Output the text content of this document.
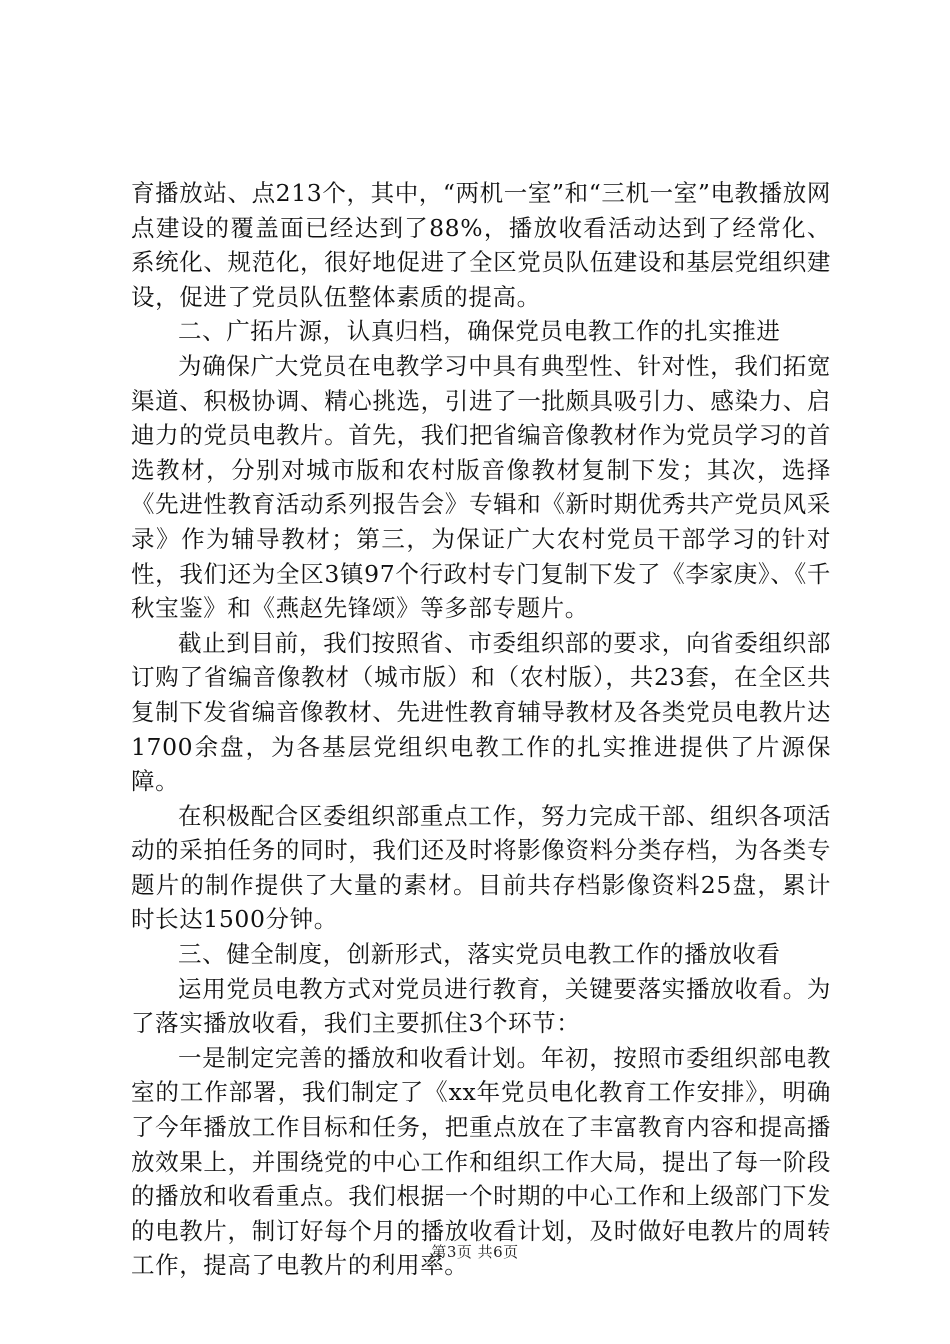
育播放站、点213个，其中，“两机一室”和“三机一室”电教播放网点建设的覆盖面已经达到了88%，播放收看活动达到了经常化、系统化、规范化，很好地促进了全区党员队伍建设和基层党组织建设，促进了党员队伍整体素质的提高。

二、广拓片源，认真归档，确保党员电教工作的扎实推进

为确保广大党员在电教学习中具有典型性、针对性，我们拓宽渠道、积极协调、精心挑选，引进了一批颇具吸引力、感染力、启迪力的党员电教片。首先，我们把省编音像教材作为党员学习的首选教材，分别对城市版和农村版音像教材复制下发；其次，选择《先进性教育活动系列报告会》专辑和《新时期优秀共产党员风采录》作为辅导教材；第三，为保证广大农村党员干部学习的针对性，我们还为全区3镇97个行政村专门复制下发了《李家庚》、《千秋宝鉴》和《燕赵先锋颂》等多部专题片。

截止到目前，我们按照省、市委组织部的要求，向省委组织部订购了省编音像教材（城市版）和（农村版），共23套，在全区共复制下发省编音像教材、先进性教育辅导教材及各类党员电教片达1700余盘，为各基层党组织电教工作的扎实推进提供了片源保障。

在积极配合区委组织部重点工作，努力完成干部、组织各项活动的采拍任务的同时，我们还及时将影像资料分类存档，为各类专题片的制作提供了大量的素材。目前共存档影像资料25盘，累计时长达1500分钟。

三、健全制度，创新形式，落实党员电教工作的播放收看

运用党员电教方式对党员进行教育，关键要落实播放收看。为了落实播放收看，我们主要抓住3个环节：

一是制定完善的播放和收看计划。年初，按照市委组织部电教室的工作部署，我们制定了《xx年党员电化教育工作安排》，明确了今年播放工作目标和任务，把重点放在了丰富教育内容和提高播放效果上，并围绕党的中心工作和组织工作大局，提出了每一阶段的播放和收看重点。我们根据一个时期的中心工作和上级部门下发的电教片，制订好每个月的播放收看计划，及时做好电教片的周转工作，提高了电教片的利用率。

第3页 共6页
